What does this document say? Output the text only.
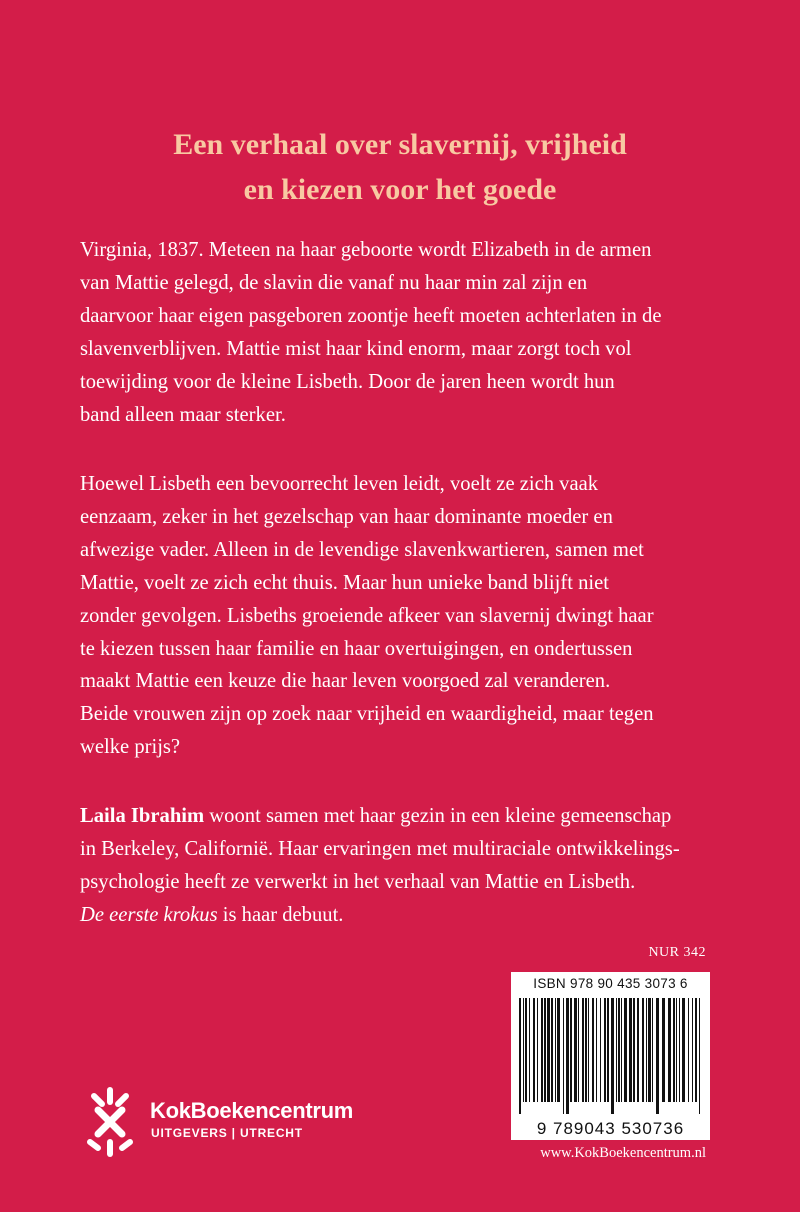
Een verhaal over slavernij, vrijheid
en kiezen voor het goede
Virginia, 1837. Meteen na haar geboorte wordt Elizabeth in de armen
van Mattie gelegd, de slavin die vanaf nu haar min zal zijn en
daarvoor haar eigen pasgeboren zoontje heeft moeten achterlaten in de
slavenverblijven. Mattie mist haar kind enorm, maar zorgt toch vol
toewijding voor de kleine Lisbeth. Door de jaren heen wordt hun
band alleen maar sterker.
Hoewel Lisbeth een bevoorrecht leven leidt, voelt ze zich vaak
eenzaam, zeker in het gezelschap van haar dominante moeder en
afwezige vader. Alleen in de levendige slavenkwartieren, samen met
Mattie, voelt ze zich echt thuis. Maar hun unieke band blijft niet
zonder gevolgen. Lisbeths groeiende afkeer van slavernij dwingt haar
te kiezen tussen haar familie en haar overtuigingen, en ondertussen
maakt Mattie een keuze die haar leven voorgoed zal veranderen.
Beide vrouwen zijn op zoek naar vrijheid en waardigheid, maar tegen
welke prijs?
Laila Ibrahim woont samen met haar gezin in een kleine gemeenschap
in Berkeley, Californië. Haar ervaringen met multiraciale ontwikkelings-
psychologie heeft ze verwerkt in het verhaal van Mattie en Lisbeth.
De eerste krokus is haar debuut.
NUR 342
ISBN 978 90 435 3073 6
9 789043 530736
KokBoekencentrum
UITGEVERS | UTRECHT
www.KokBoekencentrum.nl
